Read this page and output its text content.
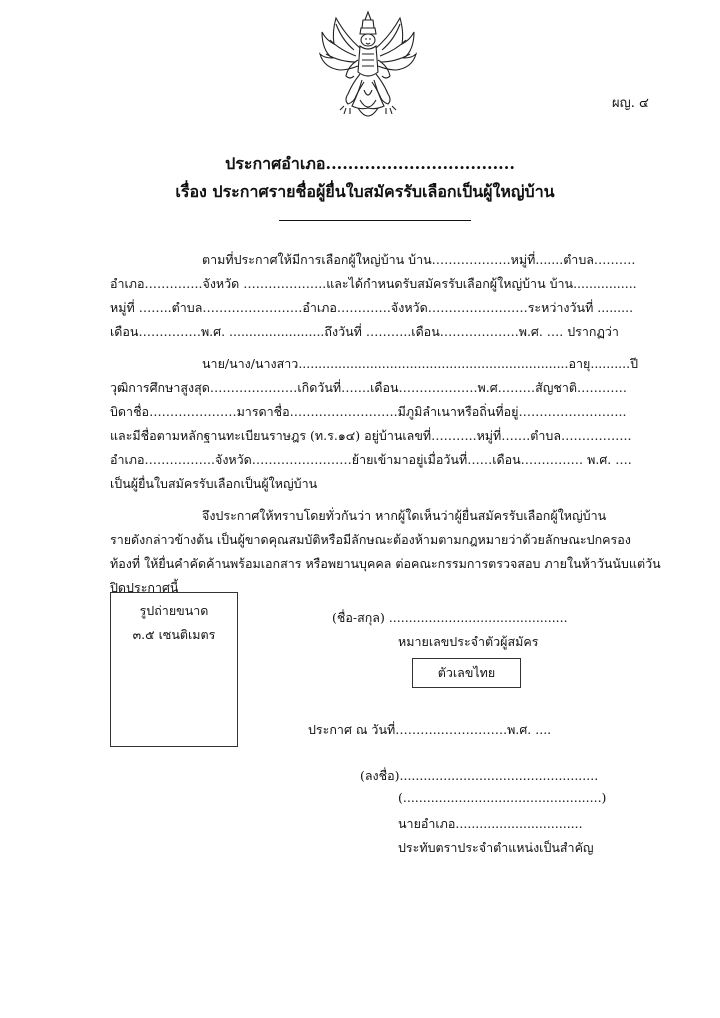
ผญ. ๔
ประกาศอำเภอ..................................
เรื่อง ประกาศรายชื่อผู้ยื่นใบสมัครรับเลือกเป็นผู้ใหญ่บ้าน
ตามที่ประกาศให้มีการเลือกผู้ใหญ่บ้าน บ้าน……………….หมู่ที่.......ตำบล……….
อำเภอ…………..จังหวัด ………………..และได้กำหนดรับสมัครรับเลือกผู้ใหญ่บ้าน บ้าน................
หมู่ที่ ……..ตำบล……………………อำเภอ………….จังหวัด……………………ระหว่างวันที่ .........
เดือน……………พ.ศ. ........................ถึงวันที่ ………..เดือน……………….พ.ศ. …. ปรากฏว่า
นาย/นาง/นางสาว....................................................................อายุ..........ปี
วุฒิการศึกษาสูงสุด…………………เกิดวันที่…….เดือน……………….พ.ศ………สัญชาติ…………
บิดาชื่อ…………………มารดาชื่อ…….……………….มีภูมิลำเนาหรือถิ่นที่อยู่……………………..
และมีชื่อตามหลักฐานทะเบียนราษฎร (ท.ร.๑๔) อยู่บ้านเลขที่………..หมู่ที่…….ตำบล……………..
อำเภอ……………..จังหวัด……………………ย้ายเข้ามาอยู่เมื่อวันที่……เดือน…………… พ.ศ. ….
เป็นผู้ยื่นใบสมัครรับเลือกเป็นผู้ใหญ่บ้าน
จึงประกาศให้ทราบโดยทั่วกันว่า หากผู้ใดเห็นว่าผู้ยื่นสมัครรับเลือกผู้ใหญ่บ้าน
รายดังกล่าวข้างต้น เป็นผู้ขาดคุณสมบัติหรือมีลักษณะต้องห้ามตามกฎหมายว่าด้วยลักษณะปกครอง
ท้องที่ ให้ยื่นคำคัดค้านพร้อมเอกสาร หรือพยานบุคคล ต่อคณะกรรมการตรวจสอบ ภายในห้าวันนับแต่วัน
ปิดประกาศนี้
รูปถ่ายขนาด
๓.๕ เซนติเมตร
(ชื่อ-สกุล) .............................................
หมายเลขประจำตัวผู้สมัคร
ตัวเลขไทย
ประกาศ ณ วันที่………..…………….พ.ศ. ....
(ลงชื่อ)..................................................
(..................................................)
นายอำเภอ................................
ประทับตราประจำตำแหน่งเป็นสำคัญ
